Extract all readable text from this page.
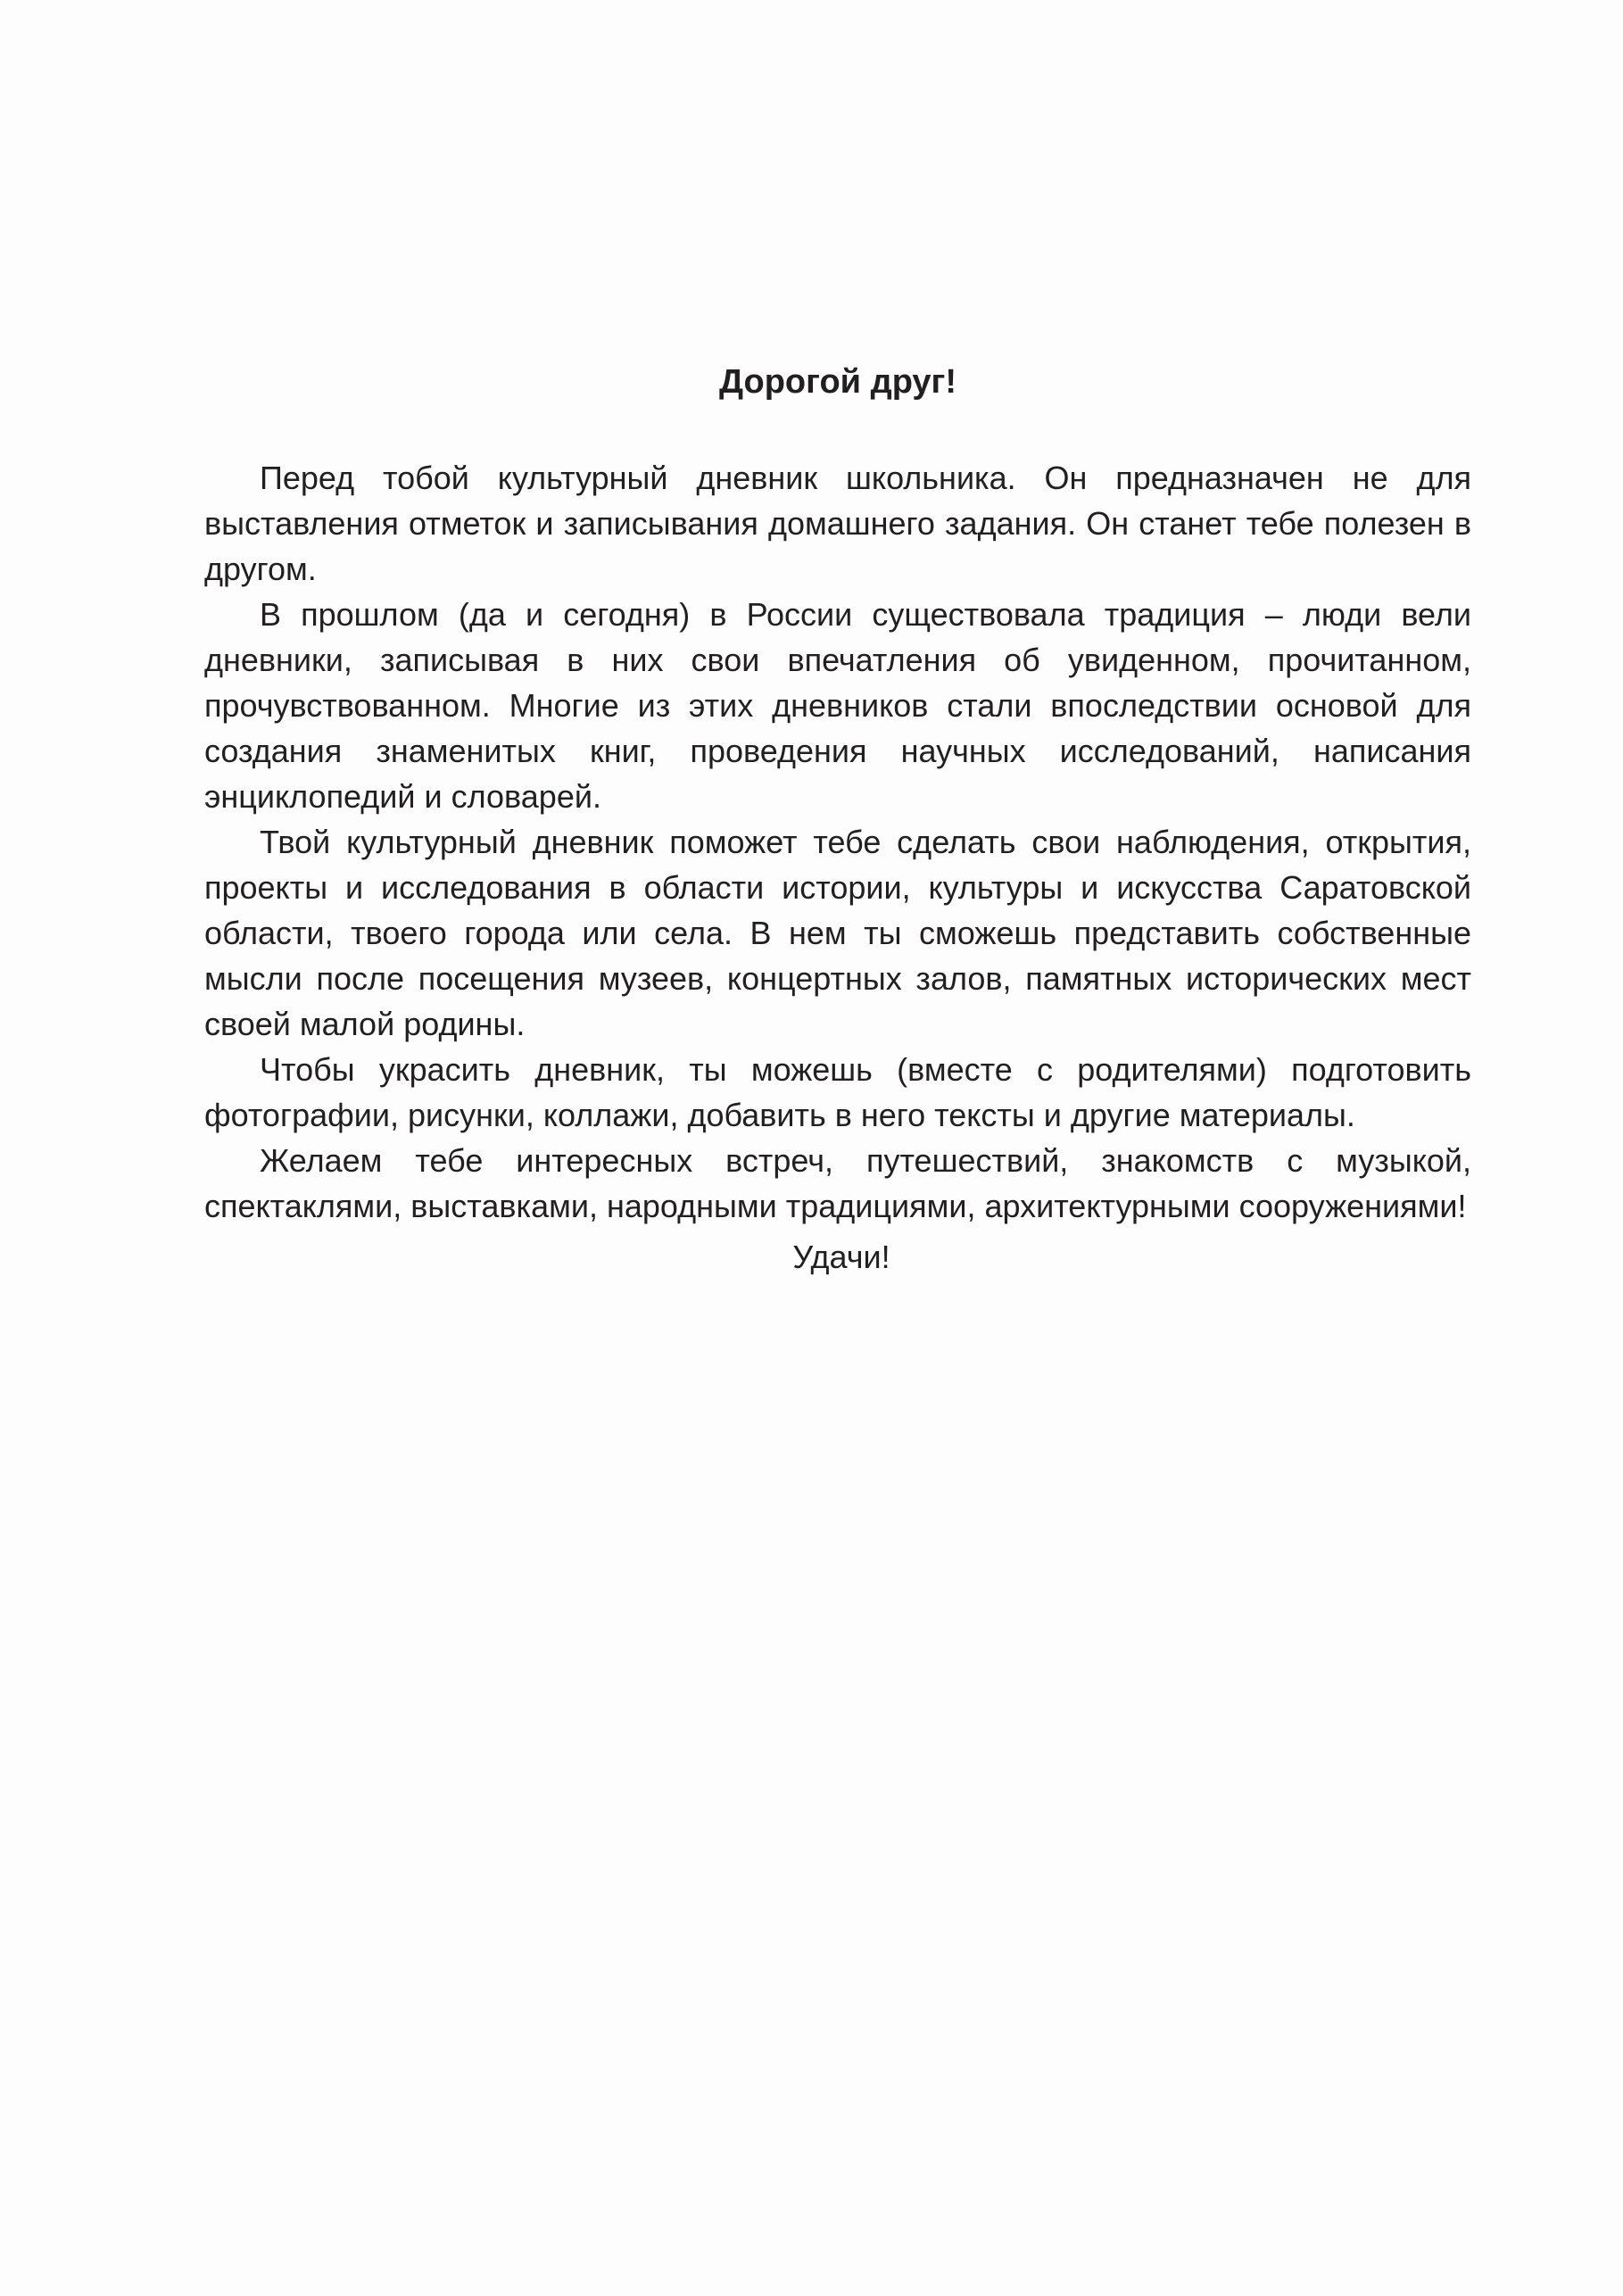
Дорогой друг!

Перед тобой культурный дневник школьника. Он предназначен не для выставления отметок и записывания домашнего задания. Он станет тебе полезен в другом.

В прошлом (да и сегодня) в России существовала традиция – люди вели дневники, записывая в них свои впечатления об увиденном, прочитанном, прочувствованном. Многие из этих дневников стали впоследствии основой для создания знаменитых книг, проведения научных исследований, написания энциклопедий и словарей.

Твой культурный дневник поможет тебе сделать свои наблюдения, открытия, проекты и исследования в области истории, культуры и искусства Саратовской области, твоего города или села. В нем ты сможешь представить собственные мысли после посещения музеев, концертных залов, памятных исторических мест своей малой родины.

Чтобы украсить дневник, ты можешь (вместе с родителями) подготовить фотографии, рисунки, коллажи, добавить в него тексты и другие материалы.

Желаем тебе интересных встреч, путешествий, знакомств с музыкой, спектаклями, выставками, народными традициями, архитектурными сооружениями!

Удачи!
